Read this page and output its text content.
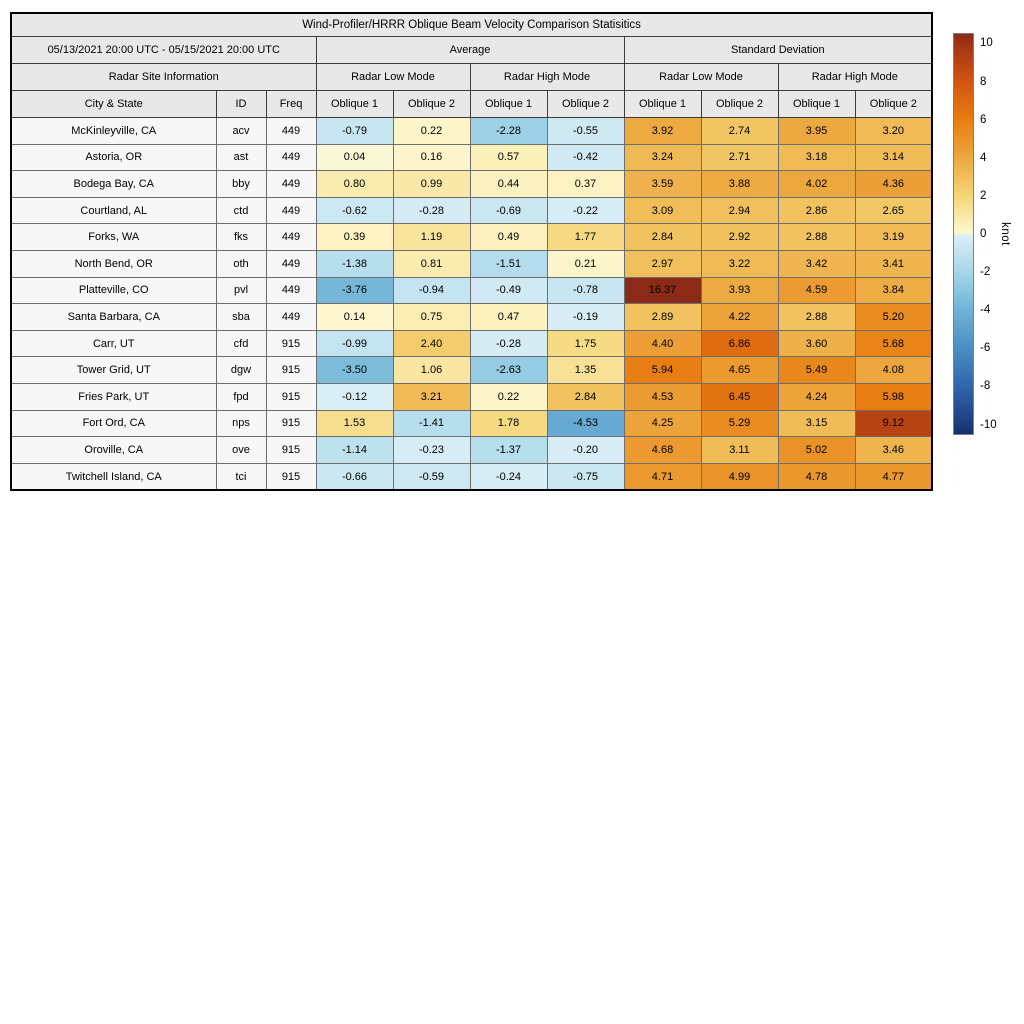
Wind-Profiler/HRRR Oblique Beam Velocity Comparison Statisitics										
05/13/2021 20:00 UTC - 05/15/2021 20:00 UTC			Average				Standard Deviation			
Radar Site Information			Radar Low Mode		Radar High Mode		Radar Low Mode		Radar High Mode	
City & State	ID	Freq	Oblique 1	Oblique 2	Oblique 1	Oblique 2	Oblique 1	Oblique 2	Oblique 1	Oblique 2
McKinleyville, CA	acv	449	-0.79	0.22	-2.28	-0.55	3.92	2.74	3.95	3.20
Astoria, OR	ast	449	0.04	0.16	0.57	-0.42	3.24	2.71	3.18	3.14
Bodega Bay, CA	bby	449	0.80	0.99	0.44	0.37	3.59	3.88	4.02	4.36
Courtland, AL	ctd	449	-0.62	-0.28	-0.69	-0.22	3.09	2.94	2.86	2.65
Forks, WA	fks	449	0.39	1.19	0.49	1.77	2.84	2.92	2.88	3.19
North Bend, OR	oth	449	-1.38	0.81	-1.51	0.21	2.97	3.22	3.42	3.41
Platteville, CO	pvl	449	-3.76	-0.94	-0.49	-0.78	16.37	3.93	4.59	3.84
Santa Barbara, CA	sba	449	0.14	0.75	0.47	-0.19	2.89	4.22	2.88	5.20
Carr, UT	cfd	915	-0.99	2.40	-0.28	1.75	4.40	6.86	3.60	5.68
Tower Grid, UT	dgw	915	-3.50	1.06	-2.63	1.35	5.94	4.65	5.49	4.08
Fries Park, UT	fpd	915	-0.12	3.21	0.22	2.84	4.53	6.45	4.24	5.98
Fort Ord, CA	nps	915	1.53	-1.41	1.78	-4.53	4.25	5.29	3.15	9.12
Oroville, CA	ove	915	-1.14	-0.23	-1.37	-0.20	4.68	3.11	5.02	3.46
Twitchell Island, CA	tci	915	-0.66	-0.59	-0.24	-0.75	4.71	4.99	4.78	4.77
10
8
6
4
2
0
-2
-4
-6
-8
-10
knot
